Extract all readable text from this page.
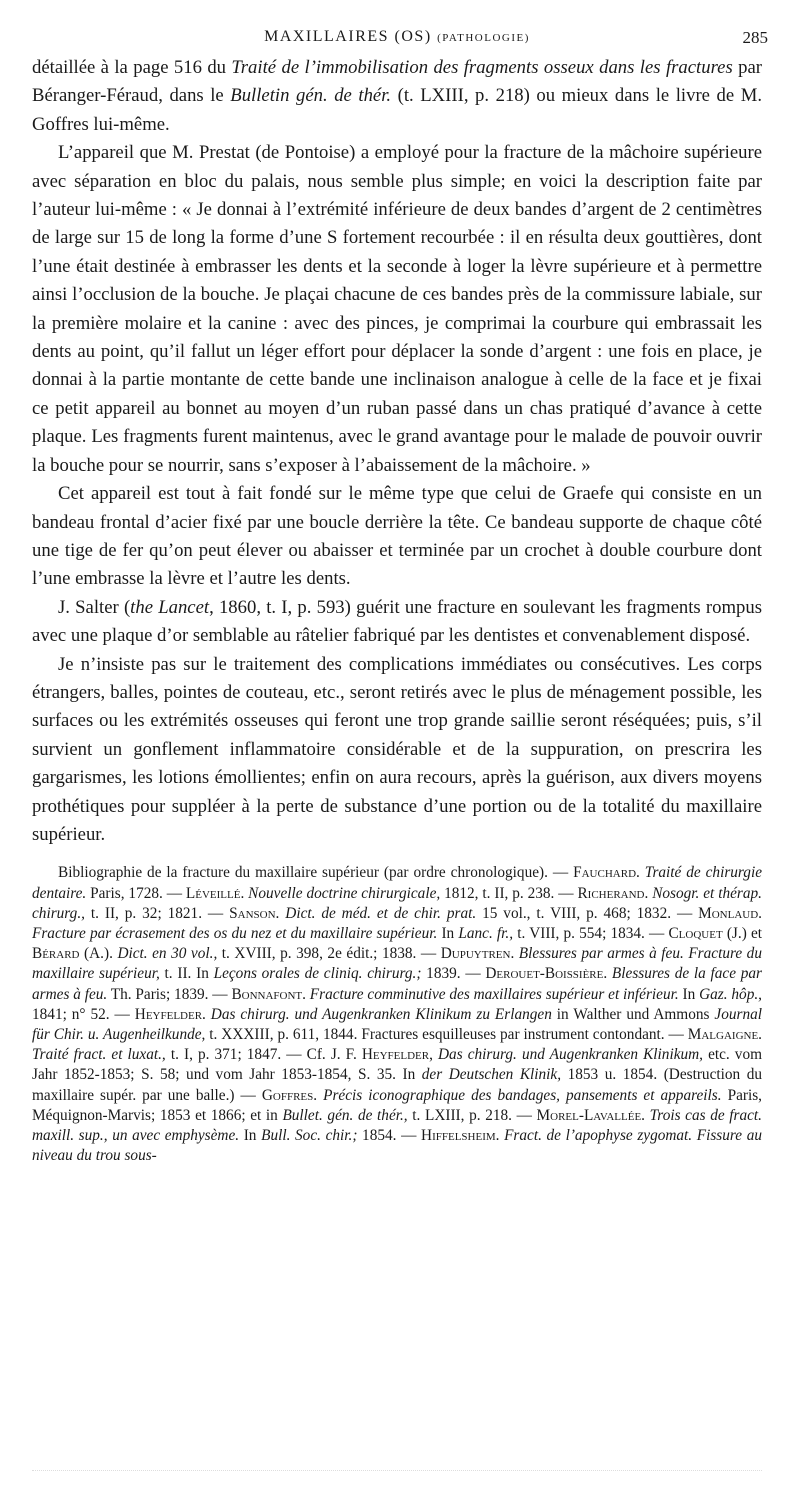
MAXILLAIRES (OS) (PATHOLOGIE)	285

détaillée à la page 516 du Traité de l’immobilisation des fragments osseux dans les fractures par Béranger-Féraud, dans le Bulletin gén. de thér. (t. LXIII, p. 218) ou mieux dans le livre de M. Goffres lui-même.

L’appareil que M. Prestat (de Pontoise) a employé pour la fracture de la mâchoire supérieure avec séparation en bloc du palais, nous semble plus simple; en voici la description faite par l’auteur lui-même : « Je donnai à l’extrémité inférieure de deux bandes d’argent de 2 centimètres de large sur 15 de long la forme d’une S fortement recourbée : il en résulta deux gouttières, dont l’une était destinée à embrasser les dents et la seconde à loger la lèvre supérieure et à permettre ainsi l’occlusion de la bouche. Je plaçai chacune de ces bandes près de la commissure labiale, sur la première molaire et la canine : avec des pinces, je comprimai la courbure qui embrassait les dents au point, qu’il fallut un léger effort pour déplacer la sonde d’argent : une fois en place, je donnai à la partie montante de cette bande une inclinaison analogue à celle de la face et je fixai ce petit appareil au bonnet au moyen d’un ruban passé dans un chas pratiqué d’avance à cette plaque. Les fragments furent maintenus, avec le grand avantage pour le malade de pouvoir ouvrir la bouche pour se nourrir, sans s’exposer à l’abaissement de la mâchoire. »

Cet appareil est tout à fait fondé sur le même type que celui de Graefe qui consiste en un bandeau frontal d’acier fixé par une boucle derrière la tête. Ce bandeau supporte de chaque côté une tige de fer qu’on peut élever ou abaisser et terminée par un crochet à double courbure dont l’une embrasse la lèvre et l’autre les dents.

J. Salter (the Lancet, 1860, t. I, p. 593) guérit une fracture en soulevant les fragments rompus avec une plaque d’or semblable au râtelier fabriqué par les dentistes et convenablement disposé.

Je n’insiste pas sur le traitement des complications immédiates ou consécutives. Les corps étrangers, balles, pointes de couteau, etc., seront retirés avec le plus de ménagement possible, les surfaces ou les extrémités osseuses qui feront une trop grande saillie seront réséquées; puis, s’il survient un gonflement inflammatoire considérable et de la suppuration, on prescrira les gargarismes, les lotions émollientes; enfin on aura recours, après la guérison, aux divers moyens prothétiques pour suppléer à la perte de substance d’une portion ou de la totalité du maxillaire supérieur.

Bibliographie de la fracture du maxillaire supérieur (par ordre chronologique). — Fauchard. Traité de chirurgie dentaire. Paris, 1728. — Léveillé. Nouvelle doctrine chirurgicale, 1812, t. II, p. 238. — Richerand. Nosogr. et thérap. chirurg., t. II, p. 32; 1821. — Sanson. Dict. de méd. et de chir. prat. 15 vol., t. VIII, p. 468; 1832. — Monlaud. Fracture par écrasement des os du nez et du maxillaire supérieur. In Lanc. fr., t. VIII, p. 554; 1834. — Cloquet (J.) et Bérard (A.). Dict. en 30 vol., t. XVIII, p. 398, 2e édit.; 1838. — Dupuytren. Blessures par armes à feu. Fracture du maxillaire supérieur, t. II. In Leçons orales de cliniq. chirurg.; 1839. — Derouet-Boissière. Blessures de la face par armes à feu. Th. Paris; 1839. — Bonnafont. Fracture comminutive des maxillaires supérieur et inférieur. In Gaz. hôp., 1841; n° 52. — Heyfelder. Das chirurg. und Augenkranken Klinikum zu Erlangen in Walther und Ammons Journal für Chir. u. Augenheilkunde, t. XXXIII, p. 611, 1844. Fractures esquilleuses par instrument contondant. — Malgaigne. Traité fract. et luxat., t. I, p. 371; 1847. — Cf. J. F. Heyfelder, Das chirurg. und Augenkranken Klinikum, etc. vom Jahr 1852-1853; S. 58; und vom Jahr 1853-1854, S. 35. In der Deutschen Klinik, 1853 u. 1854. (Destruction du maxillaire supér. par une balle.) — Goffres. Précis iconographique des bandages, pansements et appareils. Paris, Méquignon-Marvis; 1853 et 1866; et in Bullet. gén. de thér., t. LXIII, p. 218. — Morel-Lavallée. Trois cas de fract. maxill. sup., un avec emphysème. In Bull. Soc. chir.; 1854. — Hiffelsheim. Fract. de l’apophyse zygomat. Fissure au niveau du trou sous-
